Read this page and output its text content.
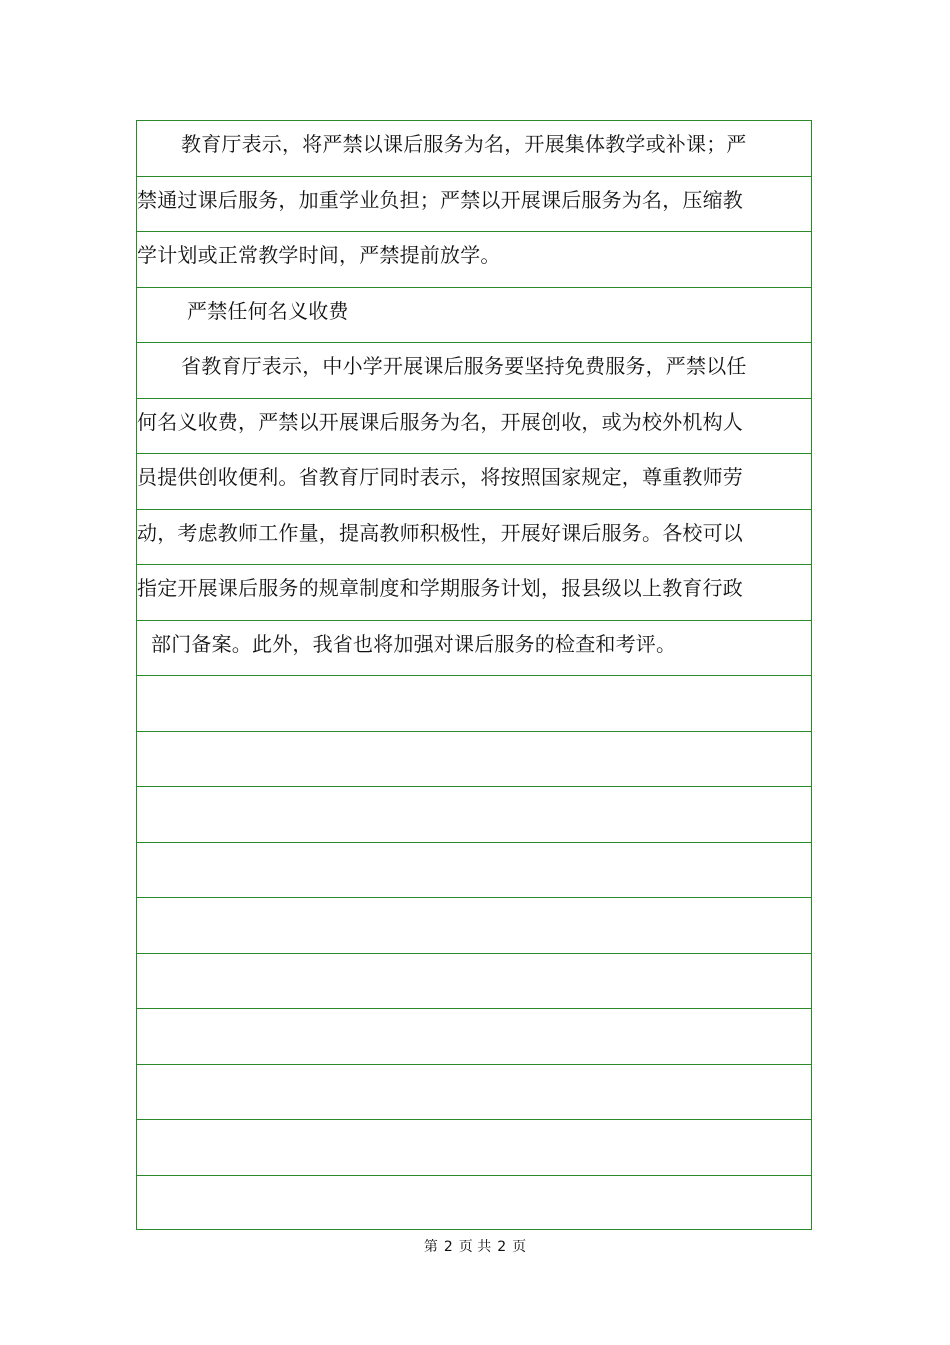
教育厅表示，将严禁以课后服务为名，开展集体教学或补课；严
禁通过课后服务，加重学业负担；严禁以开展课后服务为名，压缩教
学计划或正常教学时间，严禁提前放学。
严禁任何名义收费
省教育厅表示，中小学开展课后服务要坚持免费服务，严禁以任
何名义收费，严禁以开展课后服务为名，开展创收，或为校外机构人
员提供创收便利。省教育厅同时表示，将按照国家规定，尊重教师劳
动，考虑教师工作量，提高教师积极性，开展好课后服务。各校可以
指定开展课后服务的规章制度和学期服务计划，报县级以上教育行政
部门备案。此外，我省也将加强对课后服务的检查和考评。
第 2 页 共 2 页
